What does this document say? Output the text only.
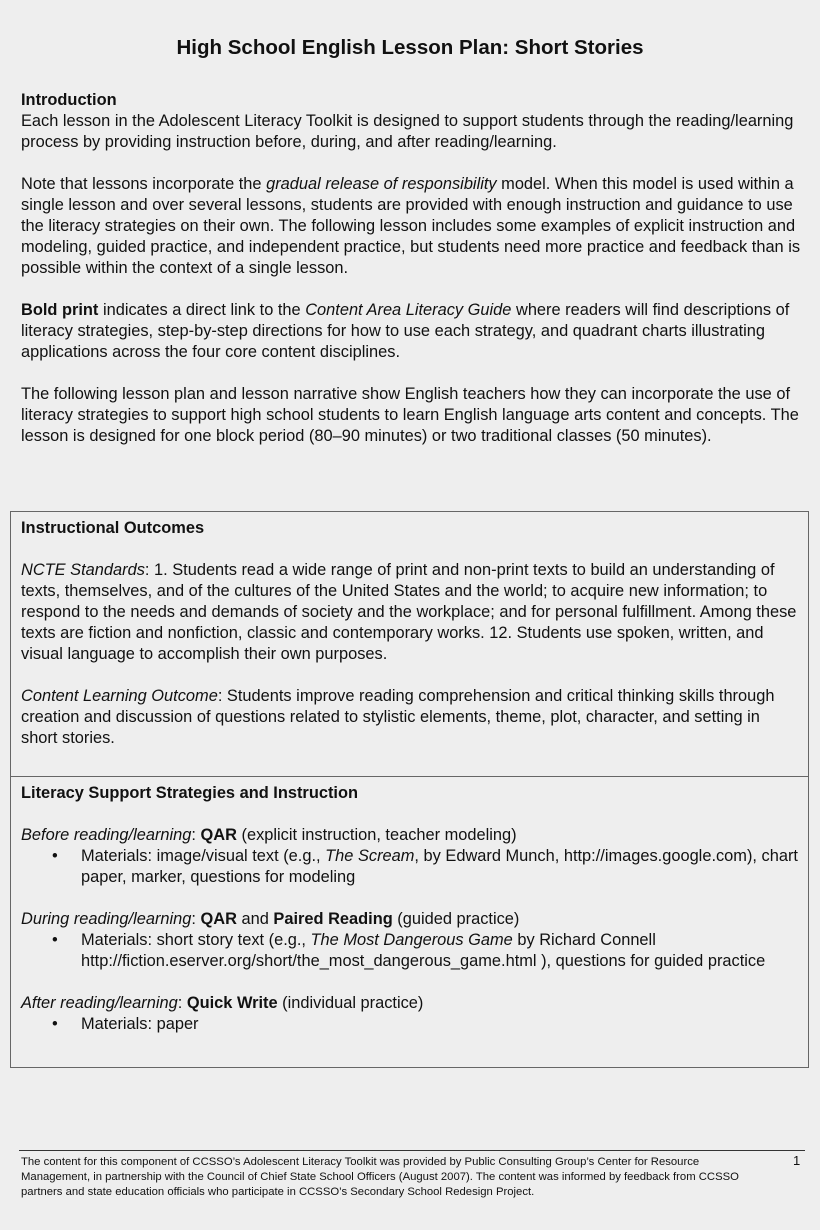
High School English Lesson Plan: Short Stories
Introduction

Each lesson in the Adolescent Literacy Toolkit is designed to support students through the reading/learning process by providing instruction before, during, and after reading/learning.

Note that lessons incorporate the gradual release of responsibility model. When this model is used within a single lesson and over several lessons, students are provided with enough instruction and guidance to use the literacy strategies on their own. The following lesson includes some examples of explicit instruction and modeling, guided practice, and independent practice, but students need more practice and feedback than is possible within the context of a single lesson.

Bold print indicates a direct link to the Content Area Literacy Guide where readers will find descriptions of literacy strategies, step-by-step directions for how to use each strategy, and quadrant charts illustrating applications across the four core content disciplines.

The following lesson plan and lesson narrative show English teachers how they can incorporate the use of literacy strategies to support high school students to learn English language arts content and concepts. The lesson is designed for one block period (80–90 minutes) or two traditional classes (50 minutes).

Instructional Outcomes

NCTE Standards: 1. Students read a wide range of print and non-print texts to build an understanding of texts, themselves, and of the cultures of the United States and the world; to acquire new information; to respond to the needs and demands of society and the workplace; and for personal fulfillment. Among these texts are fiction and nonfiction, classic and contemporary works. 12. Students use spoken, written, and visual language to accomplish their own purposes.

Content Learning Outcome: Students improve reading comprehension and critical thinking skills through creation and discussion of questions related to stylistic elements, theme, plot, character, and setting in short stories.

Literacy Support Strategies and Instruction
Before reading/learning: QAR (explicit instruction, teacher modeling)
• Materials: image/visual text (e.g., The Scream, by Edward Munch, http://images.google.com), chart paper, marker, questions for modeling
During reading/learning: QAR and Paired Reading (guided practice)
• Materials: short story text (e.g., The Most Dangerous Game by Richard Connell http://fiction.eserver.org/short/the_most_dangerous_game.html ), questions for guided practice
After reading/learning: Quick Write (individual practice)
• Materials: paper
The content for this component of CCSSO’s Adolescent Literacy Toolkit was provided by Public Consulting Group’s Center for Resource Management, in partnership with the Council of Chief State School Officers (August 2007). The content was informed by feedback from CCSSO partners and state education officials who participate in CCSSO’s Secondary School Redesign Project.
1
